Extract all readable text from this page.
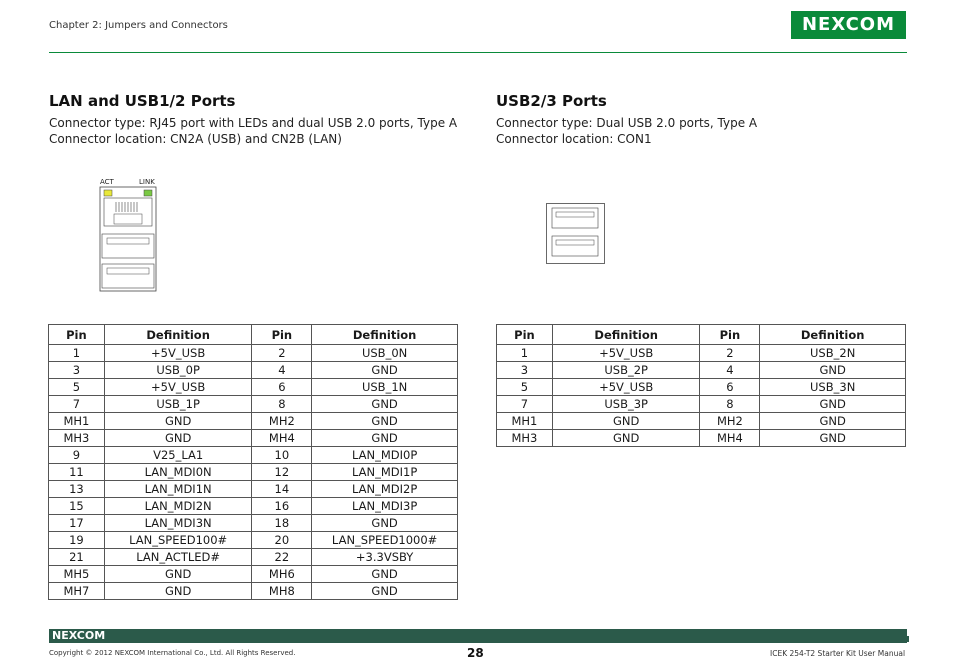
Chapter 2: Jumpers and Connectors	NEXCOM
LAN and USB1/2 Ports
Connector type: RJ45 port with LEDs and dual USB 2.0 ports, Type A
Connector location: CN2A (USB) and CN2B (LAN)
ACT	LINK
USB2/3 Ports
Connector type: Dual USB 2.0 ports, Type A
Connector location: CON1
Pin	Definition	Pin	Definition
1	+5V_USB	2	USB_0N
3	USB_0P	4	GND
5	+5V_USB	6	USB_1N
7	USB_1P	8	GND
MH1	GND	MH2	GND
MH3	GND	MH4	GND
9	V25_LA1	10	LAN_MDI0P
11	LAN_MDI0N	12	LAN_MDI1P
13	LAN_MDI1N	14	LAN_MDI2P
15	LAN_MDI2N	16	LAN_MDI3P
17	LAN_MDI3N	18	GND
19	LAN_SPEED100#	20	LAN_SPEED1000#
21	LAN_ACTLED#	22	+3.3VSBY
MH5	GND	MH6	GND
MH7	GND	MH8	GND
Pin	Definition	Pin	Definition
1	+5V_USB	2	USB_2N
3	USB_2P	4	GND
5	+5V_USB	6	USB_3N
7	USB_3P	8	GND
MH1	GND	MH2	GND
MH3	GND	MH4	GND
NEXCOM
Copyright © 2012 NEXCOM International Co., Ltd. All Rights Reserved.	28	ICEK 254-T2 Starter Kit User Manual
